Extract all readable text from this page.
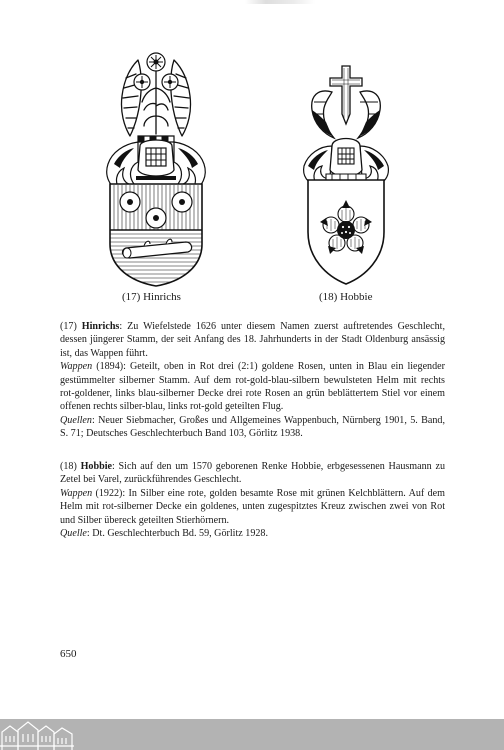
(17) Hinrichs	(18) Hobbie

(17) Hinrichs: Zu Wiefelstede 1626 unter diesem Namen zuerst auftretendes Geschlecht, dessen jüngerer Stamm, der seit Anfang des 18. Jahrhunderts in der Stadt Oldenburg ansässig ist, das Wappen führt.

Wappen (1894): Geteilt, oben in Rot drei (2:1) goldene Rosen, unten in Blau ein liegender gestümmelter silberner Stamm. Auf dem rot-gold-blau-silbern bewulsteten Helm mit rechts rot-goldener, links blau-silberner Decke drei rote Rosen an grün beblättertem Stiel vor einem offenen rechts silber-blau, links rot-gold geteilten Flug.

Quellen: Neuer Siebmacher, Großes und Allgemeines Wappenbuch, Nürnberg 1901, 5. Band, S. 71; Deutsches Geschlechterbuch Band 103, Görlitz 1938.

(18) Hobbie: Sich auf den um 1570 geborenen Renke Hobbie, erbgesessenen Hausmann zu Zetel bei Varel, zurückführendes Geschlecht.

Wappen (1922): In Silber eine rote, golden besamte Rose mit grünen Kelchblättern. Auf dem Helm mit rot-silberner Decke ein goldenes, unten zugespitztes Kreuz zwischen zwei von Rot und Silber übereck geteilten Stierhörnern.

Quelle: Dt. Geschlechterbuch Bd. 59, Görlitz 1928.

650
